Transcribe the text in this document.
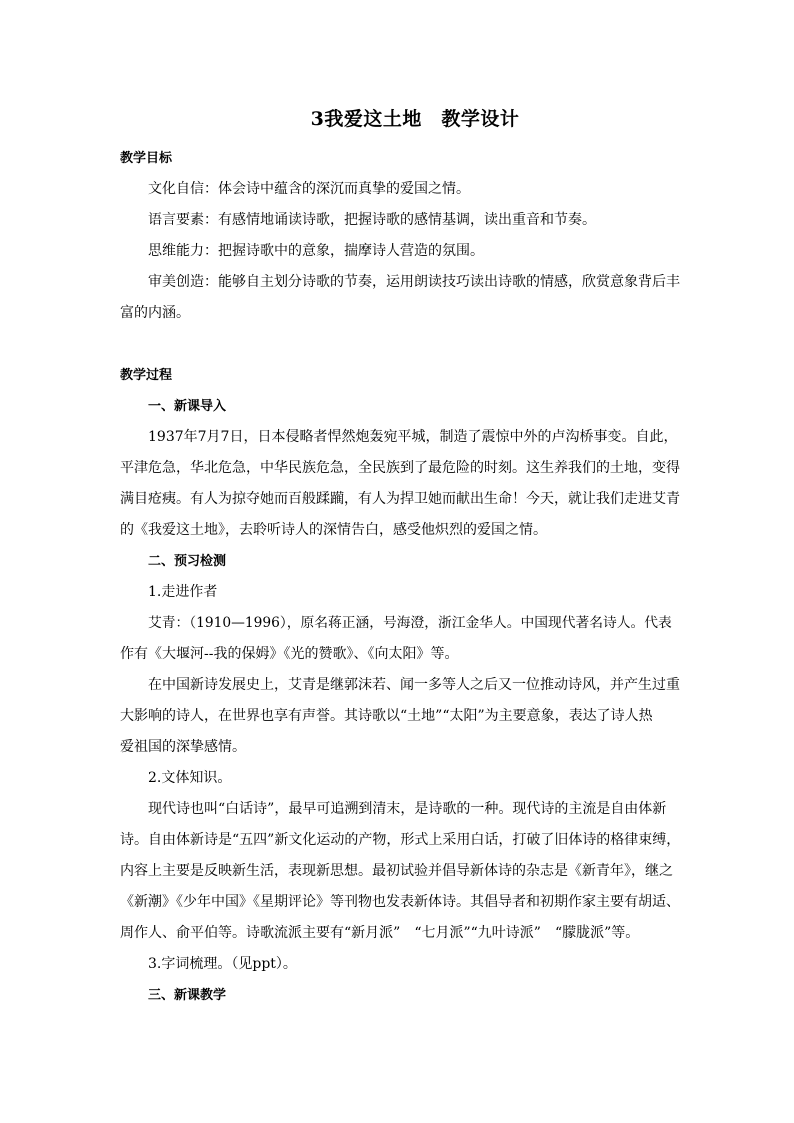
3我爱这土地　教学设计
教学目标
文化自信：体会诗中蕴含的深沉而真挚的爱国之情。
语言要素：有感情地诵读诗歌，把握诗歌的感情基调，读出重音和节奏。
思维能力：把握诗歌中的意象，揣摩诗人营造的氛围。
审美创造：能够自主划分诗歌的节奏，运用朗读技巧读出诗歌的情感，欣赏意象背后丰
富的内涵。
教学过程
一、新课导入
1937年7月7日，日本侵略者悍然炮轰宛平城，制造了震惊中外的卢沟桥事变。自此，
平津危急，华北危急，中华民族危急，全民族到了最危险的时刻。这生养我们的土地，变得
满目疮痍。有人为掠夺她而百般蹂躏，有人为捍卫她而献出生命！今天，就让我们走进艾青
的《我爱这土地》，去聆听诗人的深情告白，感受他炽烈的爱国之情。
二、预习检测
1.走进作者
艾青：（1910—1996），原名蒋正涵，号海澄，浙江金华人。中国现代著名诗人。代表
作有《大堰河--我的保姆》《光的赞歌》、《向太阳》等。
在中国新诗发展史上，艾青是继郭沫若、闻一多等人之后又一位推动诗风，并产生过重
大影响的诗人，在世界也享有声誉。其诗歌以“土地”“太阳”为主要意象，表达了诗人热
爱祖国的深挚感情。
2.文体知识。
现代诗也叫“白话诗”，最早可追溯到清末，是诗歌的一种。现代诗的主流是自由体新
诗。自由体新诗是“五四”新文化运动的产物，形式上采用白话，打破了旧体诗的格律束缚，
内容上主要是反映新生活，表现新思想。最初试验并倡导新体诗的杂志是《新青年》，继之
《新潮》《少年中国》《星期评论》等刊物也发表新体诗。其倡导者和初期作家主要有胡适、
周作人、俞平伯等。诗歌流派主要有“新月派”　“七月派”“九叶诗派”　“朦胧派”等。
3.字词梳理。（见ppt）。
三、新课教学
